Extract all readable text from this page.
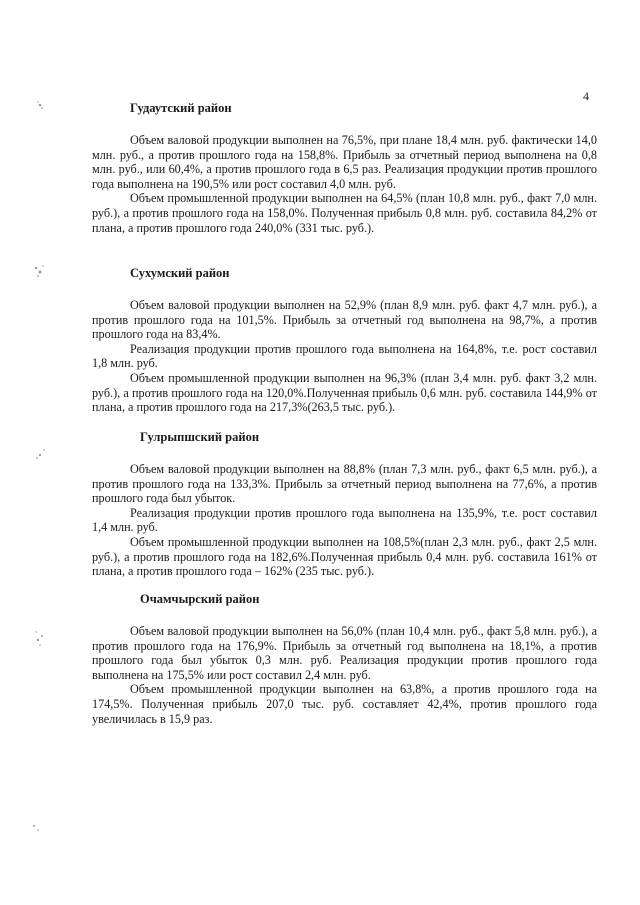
4
Гудаутский район

Объем валовой продукции выполнен на 76,5%, при плане 18,4 млн. руб. фактически 14,0 млн. руб., а против прошлого года на 158,8%. Прибыль за отчетный период выполнена на 0,8 млн. руб., или 60,4%, а против прошлого года в 6,5 раз. Реализация продукции против прошлого года выполнена на 190,5% или рост составил 4,0 млн. руб.

Объем промышленной продукции выполнен на 64,5% (план 10,8 млн. руб., факт 7,0 млн. руб.), а против прошлого года на 158,0%. Полученная прибыль 0,8 млн. руб. составила 84,2% от плана, а против прошлого года 240,0% (331 тыс. руб.).

Сухумский район

Объем валовой продукции выполнен на 52,9% (план 8,9 млн. руб. факт 4,7 млн. руб.), а против прошлого года на 101,5%. Прибыль за отчетный год выполнена на 98,7%, а против прошлого года на 83,4%.

Реализация продукции против прошлого года выполнена на 164,8%, т.е. рост составил 1,8 млн. руб.

Объем промышленной продукции выполнен на 96,3% (план 3,4 млн. руб. факт 3,2 млн. руб.), а против прошлого года на 120,0%.Полученная прибыль 0,6 млн. руб. составила 144,9% от плана, а против прошлого года на 217,3%(263,5 тыс. руб.).

Гулрыпшский район

Объем валовой продукции выполнен на 88,8% (план 7,3 млн. руб., факт 6,5 млн. руб.), а против прошлого года на 133,3%. Прибыль за отчетный период выполнена на 77,6%, а против прошлого года был убыток.

Реализация продукции против прошлого года выполнена на 135,9%, т.е. рост составил 1,4 млн. руб.

Объем промышленной продукции выполнен на 108,5%(план 2,3 млн. руб., факт 2,5 млн. руб.), а против прошлого года на 182,6%.Полученная прибыль 0,4 млн. руб. составила 161% от плана, а против прошлого года – 162% (235 тыс. руб.).

Очамчырский район

Объем валовой продукции выполнен на 56,0% (план 10,4 млн. руб., факт 5,8 млн. руб.), а против прошлого года на 176,9%. Прибыль за отчетный год выполнена на 18,1%, а против прошлого года был убыток 0,3 млн. руб. Реализация продукции против прошлого года выполнена на 175,5% или рост составил 2,4 млн. руб.

Объем промышленной продукции выполнен на 63,8%, а против прошлого года на 174,5%. Полученная прибыль 207,0 тыс. руб. составляет 42,4%, против прошлого года увеличилась в 15,9 раз.
